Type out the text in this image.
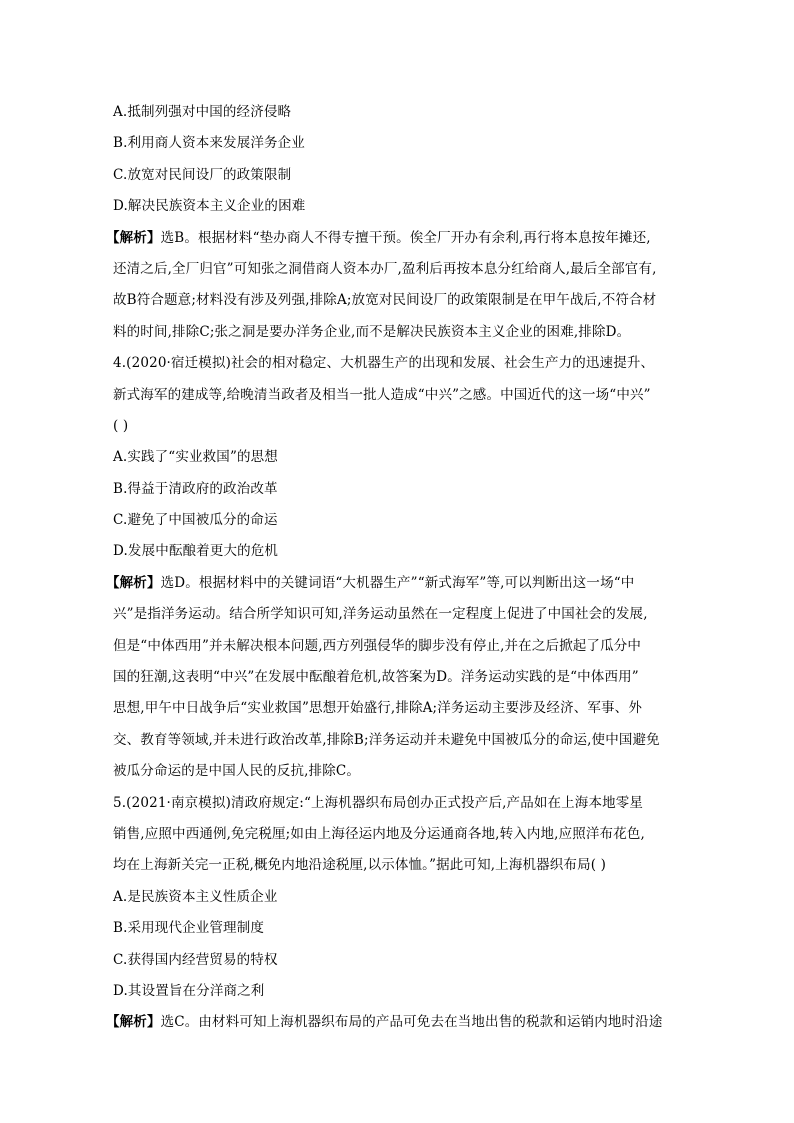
A.抵制列强对中国的经济侵略
B.利用商人资本来发展洋务企业
C.放宽对民间设厂的政策限制
D.解决民族资本主义企业的困难
【解析】选B。根据材料“垫办商人不得专擅干预。俟全厂开办有余利,再行将本息按年摊还,
还清之后,全厂归官”可知张之洞借商人资本办厂,盈利后再按本息分红给商人,最后全部官有,
故B符合题意;材料没有涉及列强,排除A;放宽对民间设厂的政策限制是在甲午战后,不符合材
料的时间,排除C;张之洞是要办洋务企业,而不是解决民族资本主义企业的困难,排除D。
4.(2020·宿迁模拟)社会的相对稳定、大机器生产的出现和发展、社会生产力的迅速提升、
新式海军的建成等,给晚清当政者及相当一批人造成“中兴”之感。中国近代的这一场“中兴”
( )
A.实践了“实业救国”的思想
B.得益于清政府的政治改革
C.避免了中国被瓜分的命运
D.发展中酝酿着更大的危机
【解析】选D。根据材料中的关键词语“大机器生产”“新式海军”等,可以判断出这一场“中
兴”是指洋务运动。结合所学知识可知,洋务运动虽然在一定程度上促进了中国社会的发展,
但是“中体西用”并未解决根本问题,西方列强侵华的脚步没有停止,并在之后掀起了瓜分中
国的狂潮,这表明“中兴”在发展中酝酿着危机,故答案为D。洋务运动实践的是“中体西用”
思想,甲午中日战争后“实业救国”思想开始盛行,排除A;洋务运动主要涉及经济、军事、外
交、教育等领域,并未进行政治改革,排除B;洋务运动并未避免中国被瓜分的命运,使中国避免
被瓜分命运的是中国人民的反抗,排除C。
5.(2021·南京模拟)清政府规定:“上海机器织布局创办正式投产后,产品如在上海本地零星
销售,应照中西通例,免完税厘;如由上海径运内地及分运通商各地,转入内地,应照洋布花色,
均在上海新关完一正税,概免内地沿途税厘,以示体恤。”据此可知,上海机器织布局( )
A.是民族资本主义性质企业
B.采用现代企业管理制度
C.获得国内经营贸易的特权
D.其设置旨在分洋商之利
【解析】选C。由材料可知上海机器织布局的产品可免去在当地出售的税款和运销内地时沿途
